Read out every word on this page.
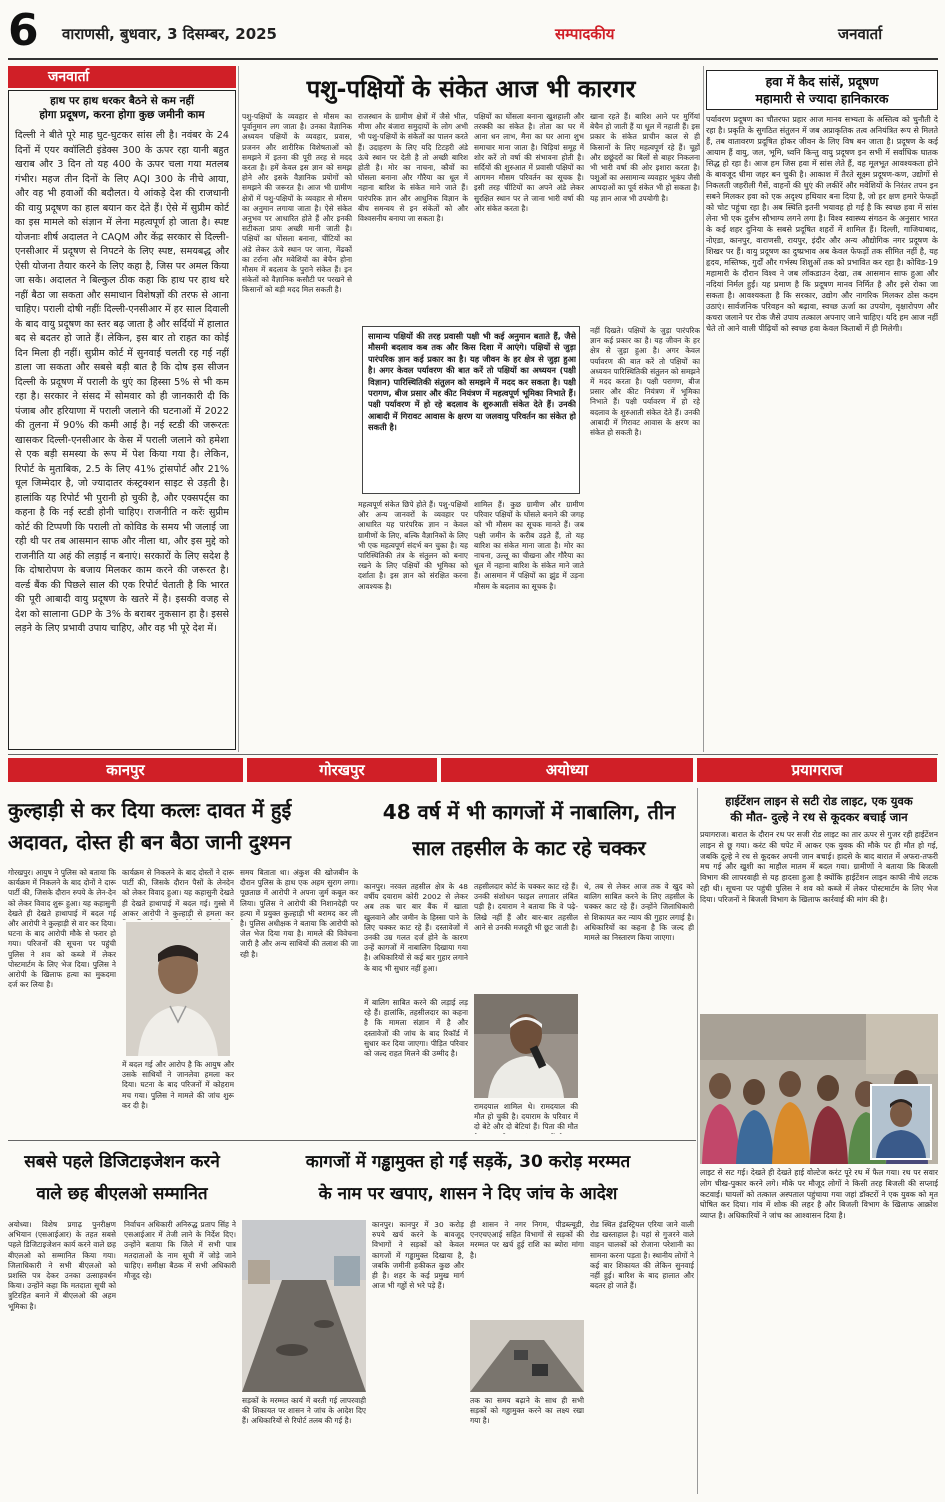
6 वाराणसी, बुधवार, 3 दिसम्बर, 2025	सम्पादकीय	जनवार्ता
जनवार्ता
हाथ पर हाथ धरकर बैठने से कम नहीं
होगा प्रदूषण, करना होगा कुछ जमीनी काम
दिल्ली ने बीते पूरे माह घुट-घुटकर सांस ली है। नवंबर के 24 दिनों में एयर क्वॉलिटी इंडेक्स 300 के ऊपर रहा यानी बहुत खराब और 3 दिन तो यह 400 के ऊपर चला गया मतलब गंभीर। महज तीन दिनों के लिए AQI 300 के नीचे आया, और वह भी हवाओं की बदौलत। ये आंकड़े देश की राजधानी की वायु प्रदूषण का हाल बयान कर देते हैं। ऐसे में सुप्रीम कोर्ट का इस मामले को संज्ञान में लेना महत्वपूर्ण हो जाता है। स्पष्ट योजनाः शीर्ष अदालत ने CAQM और केंद्र सरकार से दिल्ली-एनसीआर में प्रदूषण से निपटने के लिए स्पष्ट, समयबद्ध और ऐसी योजना तैयार करने के लिए कहा है, जिस पर अमल किया जा सके। अदालत ने बिल्कुल ठीक कहा कि हाथ पर हाथ धरे नहीं बैठा जा सकता और समाधान विशेषज्ञों की तरफ से आना चाहिए। पराली दोषी नहींः दिल्ली-एनसीआर में हर साल दिवाली के बाद वायु प्रदूषण का स्तर बढ़ जाता है और सर्दियों में हालात बद से बदतर हो जाते हैं। लेकिन, इस बार तो राहत का कोई दिन मिला ही नहीं। सुप्रीम कोर्ट में सुनवाई चलती रह गई नहीं डाला जा सकता और सबसे बड़ी बात है कि दोष इस सीजन दिल्ली के प्रदूषण में पराली के धुएं का हिस्सा 5% से भी कम रहा है। सरकार ने संसद में सोमवार को ही जानकारी दी कि पंजाब और हरियाणा में पराली जलाने की घटनाओं में 2022 की तुलना में 90% की कमी आई है। नई स्टडी की जरूरतः खासकर दिल्ली-एनसीआर के केस में पराली जलाने को हमेशा से एक बड़ी समस्या के रूप में पेश किया गया है। लेकिन, रिपोर्ट के मुताबिक, 2.5 के लिए 41% ट्रांसपोर्ट और 21% धूल जिम्मेदार है, जो ज्यादातर कंस्ट्रक्शन साइट से उड़ती है। हालांकि यह रिपोर्ट भी पुरानी हो चुकी है, और एक्सपर्ट्स का कहना है कि नई स्टडी होनी चाहिए। राजनीति न करेंः सुप्रीम कोर्ट की टिप्पणी कि पराली तो कोविड के समय भी जलाई जा रही थी पर तब आसमान साफ और नीला था, और इस मुद्दे को राजनीति या अहं की लड़ाई न बनाएं। सरकारों के लिए सदेश है कि दोषारोपण के बजाय मिलकर काम करने की जरूरत है। वर्ल्ड बैंक की पिछले साल की एक रिपोर्ट चेताती है कि भारत की पूरी आबादी वायु प्रदूषण के खतरे में है। इसकी वजह से देश को सालाना GDP के 3% के बराबर नुकसान हा है। इससे लड़ने के लिए प्रभावी उपाय चाहिए, और वह भी पूरे देश में।
पशु-पक्षियों के संकेत आज भी कारगर
पशु-पक्षियों के व्यवहार से मौसम का पूर्वानुमान लग जाता है। उनका वैज्ञानिक अध्ययन पक्षियों के व्यवहार, प्रवास, प्रजनन और शारीरिक विशेषताओं को समझने में इतना की पूरी तरह से मदद करता है। हमें केवल इस ज्ञान को समझ होने और इसके वैज्ञानिक प्रयोगों को समझने की जरूरत है। आज भी ग्रामीण क्षेत्रों में पशु-पक्षियों के व्यवहार से मौसम का अनुमान लगाया जाता है। ऐसे संकेत अनुभव पर आधारित होते हैं और इनकी सटीकता प्रायः अच्छी मानी जाती है। पक्षियों का घोंसला बनाना, चींटियों का अंडे लेकर ऊंचे स्थान पर जाना, मेंढकों का टर्राना और मवेशियों का बेचैन होना मौसम में बदलाव के पुराने संकेत हैं। इन संकेतों को वैज्ञानिक कसौटी पर परखने से किसानों को बड़ी मदद मिल सकती है।
राजस्थान के ग्रामीण क्षेत्रों में जैसे भील, मीणा और बंजारा समुदायों के लोग अभी भी पशु-पक्षियों के संकेतों का पालन करते हैं। उदाहरण के लिए यदि टिटहरी अंडे ऊंचे स्थान पर देती है तो अच्छी बारिश होती है। मोर का नाचना, कौवों का घोंसला बनाना और गौरैया का धूल में नहाना बारिश के संकेत माने जाते हैं। पारंपरिक ज्ञान और आधुनिक विज्ञान के बीच समन्वय से इन संकेतों को और विश्वसनीय बनाया जा सकता है।
पक्षियों का घोंसला बनाना खुशहाली और तरक्की का संकेत है। तोता का घर में आना धन लाभ, मैना का घर आना शुभ समाचार माना जाता है। चिड़ियां समूह में शोर करें तो वर्षा की संभावना होती है। सर्दियों की शुरुआत में प्रवासी पक्षियों का आगमन मौसम परिवर्तन का सूचक है। इसी तरह चींटियों का अपने अंडे लेकर सुरक्षित स्थान पर ले जाना भारी वर्षा की ओर संकेत करता है।
खाना रहते हैं। बारिश आने पर मुर्गियां बेचैन हो जाती हैं या धूल में नहाती हैं। इस प्रकार के संकेत प्राचीन काल से ही किसानों के लिए महत्वपूर्ण रहे हैं। चूहों और छछूंदरों का बिलों से बाहर निकलना भी भारी वर्षा की ओर इशारा करता है। पशुओं का असामान्य व्यवहार भूकंप जैसी आपदाओं का पूर्व संकेत भी हो सकता है। यह ज्ञान आज भी उपयोगी है।
सामान्य पक्षियों की तरह प्रवासी पक्षी भी कई अनुमान बताते हैं, जैसे मौसमी बदलाव कब तक और किस दिशा में आएंगे। पक्षियों से जुड़ा पारंपरिक ज्ञान कई प्रकार का है। यह जीवन के हर क्षेत्र से जुड़ा हुआ है। अगर केवल पर्यावरण की बात करें तो पक्षियों का अध्ययन (पक्षी विज्ञान) पारिस्थितिकी संतुलन को समझने में मदद कर सकता है। पक्षी परागण, बीज प्रसार और कीट नियंत्रण में महत्वपूर्ण भूमिका निभाते हैं। पक्षी पर्यावरण में हो रहे बदलाव के शुरुआती संकेत देते हैं। उनकी आबादी में गिरावट आवास के क्षरण या जलवायु परिवर्तन का संकेत हो सकती है।
महत्वपूर्ण संकेत छिपे होते हैं। पशु-पक्षियों और अन्य जानवरों के व्यवहार पर आधारित यह पारंपरिक ज्ञान न केवल ग्रामीणों के लिए, बल्कि वैज्ञानिकों के लिए भी एक महत्वपूर्ण संदर्भ बन चुका है। यह पारिस्थितिकी तंत्र के संतुलन को बनाए रखने के लिए पक्षियों की भूमिका को दर्शाता है। इस ज्ञान को संरक्षित करना आवश्यक है।
शामिल हैं। कुछ ग्रामीण और ग्रामीण परिवार पक्षियों के घोंसले बनाने की जगह को भी मौसम का सूचक मानते हैं। जब पक्षी जमीन के करीब उड़ते हैं, तो यह बारिश का संकेत माना जाता है। मोर का नाचना, उल्लू का चीखना और गौरैया का धूल में नहाना बारिश के संकेत माने जाते हैं। आसमान में पक्षियों का झुंड में उड़ना मौसम के बदलाव का सूचक है।
नहीं दिखते। पक्षियों के जुड़ा पारंपरिक ज्ञान कई प्रकार का है। यह जीवन के हर क्षेत्र से जुड़ा हुआ है। अगर केवल पर्यावरण की बात करें तो पक्षियों का अध्ययन पारिस्थितिकी संतुलन को समझने में मदद करता है। पक्षी परागण, बीज प्रसार और कीट नियंत्रण में भूमिका निभाते हैं। पक्षी पर्यावरण में हो रहे बदलाव के शुरुआती संकेत देते हैं। उनकी आबादी में गिरावट आवास के क्षरण का संकेत हो सकती है।
हवा में कैद सांसें, प्रदूषण
महामारी से ज्यादा हानिकारक
पर्यावरण प्रदूषण का चौतरफा प्रहार आज मानव सभ्यता के अस्तित्व को चुनौती दे रहा है। प्रकृति के सुगठित संतुलन में जब अप्राकृतिक तत्व अनियंत्रित रूप से मिलते हैं, तब वातावरण प्रदूषित होकर जीवन के लिए विष बन जाता है। प्रदूषण के कई आयाम हैं वायु, जल, भूमि, ध्वनि किन्तु वायु प्रदूषण इन सभी में सर्वाधिक घातक सिद्ध हो रहा है। आज हम जिस हवा में सांस लेते हैं, वह मूलभूत आवश्यकता होने के बावजूद धीमा जहर बन चुकी है। आकाश में तैरते सूक्ष्म प्रदूषण-कण, उद्योगों से निकलती जहरीली गैसें, वाहनों की धुएं की लकीरें और मवेशियों के निरंतर तपन इन सबने मिलकर हवा को एक अदृश्य हथियार बना दिया है, जो हर क्षण हमारे फेफड़ों को चोट पहुंचा रहा है। अब स्थिति इतनी भयावह हो गई है कि स्वच्छ हवा में सांस लेना भी एक दुर्लभ सौभाग्य लगने लगा है। विश्व स्वास्थ्य संगठन के अनुसार भारत के कई शहर दुनिया के सबसे प्रदूषित शहरों में शामिल हैं। दिल्ली, गाजियाबाद, नोएडा, कानपुर, वाराणसी, रायपुर, इंदौर और अन्य औद्योगिक नगर प्रदूषण के शिखर पर हैं। वायु प्रदूषण का दुष्प्रभाव अब केवल फेफड़ों तक सीमित नहीं है, यह हृदय, मस्तिष्क, गुर्दों और गर्भस्थ शिशुओं तक को प्रभावित कर रहा है। कोविड-19 महामारी के दौरान विश्व ने जब लॉकडाउन देखा, तब आसमान साफ हुआ और नदियां निर्मल हुईं। यह प्रमाण है कि प्रदूषण मानव निर्मित है और इसे रोका जा सकता है। आवश्यकता है कि सरकार, उद्योग और नागरिक मिलकर ठोस कदम उठाएं। सार्वजनिक परिवहन को बढ़ावा, स्वच्छ ऊर्जा का उपयोग, वृक्षारोपण और कचरा जलाने पर रोक जैसे उपाय तत्काल अपनाए जाने चाहिए। यदि हम आज नहीं चेते तो आने वाली पीढ़ियों को स्वच्छ हवा केवल किताबों में ही मिलेगी।
कानपुर	गोरखपुर	अयोध्या	प्रयागराज
कुल्हाड़ी से कर दिया कत्लः दावत में हुई
अदावत, दोस्त ही बन बैठा जानी दुश्मन
गोरखपुर। आयुष ने पुलिस को बताया कि कार्यक्रम में निकलने के बाद दोनों ने दारू पार्टी की, जिसके दौरान रुपये के लेन-देन को लेकर विवाद शुरू हुआ। यह कहासुनी देखते ही देखते हाथापाई में बदल गई और आरोपी ने कुल्हाड़ी से वार कर दिया। घटना के बाद आरोपी मौके से फरार हो गया। परिजनों की सूचना पर पहुंची पुलिस ने शव को कब्जे में लेकर पोस्टमार्टम के लिए भेज दिया। पुलिस ने आरोपी के खिलाफ हत्या का मुकदमा दर्ज कर लिया है।
कार्यक्रम से निकलने के बाद दोस्तों ने दारू पार्टी की, जिसके दौरान पैसों के लेनदेन को लेकर विवाद हुआ। यह कहासुनी देखते ही देखते हाथापाई में बदल गई। गुस्से में आकर आरोपी ने कुल्हाड़ी से हमला कर
में बदल गई और आरोप है कि आयुष और उसके साथियों ने जानलेवा हमला कर दिया। घटना के बाद परिजनों में कोहराम मच गया। पुलिस ने मामले की जांच शुरू कर दी है।
समय बिताता था। अंकुश की खोजबीन के दौरान पुलिस के हाथ एक अहम सुराग लगा। पूछताछ में आरोपी ने अपना जुर्म कबूल कर लिया। पुलिस ने आरोपी की निशानदेही पर हत्या में प्रयुक्त कुल्हाड़ी भी बरामद कर ली है। पुलिस अधीक्षक ने बताया कि आरोपी को जेल भेज दिया गया है। मामले की विवेचना जारी है और अन्य साथियों की तलाश की जा रही है।
48 वर्ष में भी कागजों में नाबालिग, तीन
साल तहसील के काट रहे चक्कर
कानपुर। नरवल तहसील क्षेत्र के 48 वर्षीय दयाराम कोरी 2002 से लेकर अब तक चार बार बैंक में खाता खुलवाने और जमीन के हिस्सा पाने के लिए चक्कर काट रहे हैं। दस्तावेजों में उनकी उम्र गलत दर्ज होने के कारण उन्हें कागजों में नाबालिग दिखाया गया है। अधिकारियों से कई बार गुहार लगाने के बाद भी सुधार नहीं हुआ।
तहसीलदार कोर्ट के चक्कर काट रहे हैं। उनकी संशोधन फाइल लगातार लंबित पड़ी है। दयाराम ने बताया कि वे पढ़े-लिखे नहीं हैं और बार-बार तहसील आने से उनकी मजदूरी भी छूट जाती है।
थे, तब से लेकर आज तक वे खुद को बालिग साबित करने के लिए तहसील के चक्कर काट रहे हैं। उन्होंने जिलाधिकारी से शिकायत कर न्याय की गुहार लगाई है। अधिकारियों का कहना है कि जल्द ही मामले का निस्तारण किया जाएगा।
में बालिग साबित करने की लड़ाई लड़ रहे हैं। हालांकि, तहसीलदार का कहना है कि मामला संज्ञान में है और दस्तावेजों की जांच के बाद रिकॉर्ड में सुधार कर दिया जाएगा। पीड़ित परिवार को जल्द राहत मिलने की उम्मीद है।
रामदयाल शामिल थे। रामदयाल की मौत हो चुकी है। दयाराम के परिवार में दो बेटे और दो बेटियां हैं। पिता की मौत
हाईटेंशन लाइन से सटी रोड लाइट, एक युवक
की मौत- दुल्हे ने रथ से कूदकर बचाई जान
प्रयागराज। बारात के दौरान रथ पर सजी रोड लाइट का तार ऊपर से गुजर रही हाईटेंशन लाइन से छू गया। करंट की चपेट में आकर एक युवक की मौके पर ही मौत हो गई, जबकि दूल्हे ने रथ से कूदकर अपनी जान बचाई। हादसे के बाद बारात में अफरा-तफरी मच गई और खुशी का माहौल मातम में बदल गया। ग्रामीणों ने बताया कि बिजली विभाग की लापरवाही से यह हादसा हुआ है क्योंकि हाईटेंशन लाइन काफी नीचे लटक रही थी। सूचना पर पहुंची पुलिस ने शव को कब्जे में लेकर पोस्टमार्टम के लिए भेज दिया। परिजनों ने बिजली विभाग के खिलाफ कार्रवाई की मांग की है।
लाइट से सट गई। देखते ही देखते हाई वोल्टेज करंट पूरे रथ में फैल गया। रथ पर सवार लोग चीख-पुकार करने लगे। मौके पर मौजूद लोगों ने किसी तरह बिजली की सप्लाई कटवाई। घायलों को तत्काल अस्पताल पहुंचाया गया जहां डॉक्टरों ने एक युवक को मृत घोषित कर दिया। गांव में शोक की लहर है और बिजली विभाग के खिलाफ आक्रोश व्याप्त है। अधिकारियों ने जांच का आश्वासन दिया है।
सबसे पहले डिजिटाइजेशन करने
वाले छह बीएलओ सम्मानित
अयोध्या। विशेष प्रगाढ़ पुनरीक्षण अभियान (एसआईआर) के तहत सबसे पहले डिजिटाइजेशन कार्य करने वाले छह बीएलओ को सम्मानित किया गया। जिलाधिकारी ने सभी बीएलओ को प्रशस्ति पत्र देकर उनका उत्साहवर्धन किया। उन्होंने कहा कि मतदाता सूची को त्रुटिरहित बनाने में बीएलओ की अहम भूमिका है।
निर्वाचन अधिकारी अनिरुद्ध प्रताप सिंह ने एसआईआर में तेजी लाने के निर्देश दिए। उन्होंने बताया कि जिले में सभी पात्र मतदाताओं के नाम सूची में जोड़े जाने चाहिए। समीक्षा बैठक में सभी अधिकारी मौजूद रहे।
कागजों में गड्ढामुक्त हो गईं सड़कें, 30 करोड़ मरम्मत
के नाम पर खपाए, शासन ने दिए जांच के आदेश
कानपुर। कानपुर में 30 करोड़ रुपये खर्च करने के बावजूद विभागों ने सड़कों को केवल कागजों में गड्ढामुक्त दिखाया है, जबकि जमीनी हकीकत कुछ और ही है। शहर के कई प्रमुख मार्ग आज भी गड्ढों से भरे पड़े हैं।
सड़कों के मरम्मत कार्य में बरती गई लापरवाही की शिकायत पर शासन ने जांच के आदेश दिए हैं। अधिकारियों से रिपोर्ट तलब की गई है।
ही शासन ने नगर निगम, पीडब्ल्यूडी, एनएचएआई सहित विभागों से सड़कों की मरम्मत पर खर्च हुई राशि का ब्योरा मांगा है।
तक का समय बढ़ाने के साथ ही सभी सड़कों को गड्ढामुक्त करने का लक्ष्य रखा गया है।
रोड स्थित इंडस्ट्रियल एरिया जाने वाली रोड खस्ताहाल है। यहां से गुजरने वाले वाहन चालकों को रोजाना परेशानी का सामना करना पड़ता है। स्थानीय लोगों ने कई बार शिकायत की लेकिन सुनवाई नहीं हुई। बारिश के बाद हालात और बदतर हो जाते हैं।
